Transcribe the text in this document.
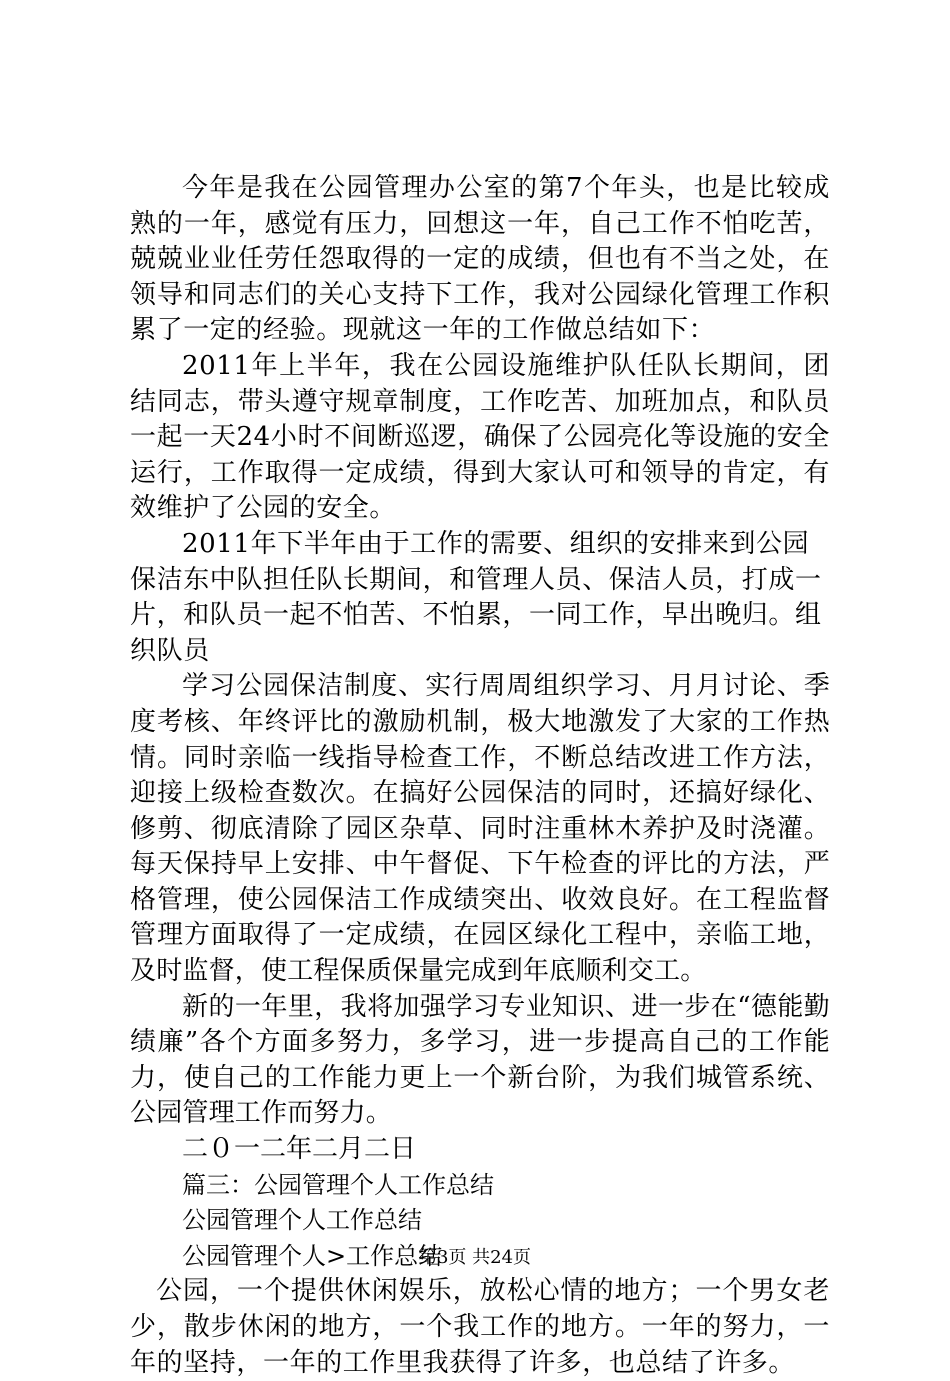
今年是我在公园管理办公室的第7个年头，也是比较成熟的一年，感觉有压力，回想这一年，自己工作不怕吃苦，兢兢业业任劳任怨取得的一定的成绩，但也有不当之处，在领导和同志们的关心支持下工作，我对公园绿化管理工作积累了一定的经验。现就这一年的工作做总结如下：

2011年上半年，我在公园设施维护队任队长期间，团结同志，带头遵守规章制度，工作吃苦、加班加点，和队员一起一天24小时不间断巡逻，确保了公园亮化等设施的安全运行，工作取得一定成绩，得到大家认可和领导的肯定，有效维护了公园的安全。

2011年下半年由于工作的需要、组织的安排来到公园保洁东中队担任队长期间，和管理人员、保洁人员，打成一片，和队员一起不怕苦、不怕累，一同工作，早出晚归。组织队员

学习公园保洁制度、实行周周组织学习、月月讨论、季度考核、年终评比的激励机制，极大地激发了大家的工作热情。同时亲临一线指导检查工作，不断总结改进工作方法，迎接上级检查数次。在搞好公园保洁的同时，还搞好绿化、修剪、彻底清除了园区杂草、同时注重林木养护及时浇灌。每天保持早上安排、中午督促、下午检查的评比的方法，严格管理，使公园保洁工作成绩突出、收效良好。在工程监督管理方面取得了一定成绩，在园区绿化工程中，亲临工地，及时监督，使工程保质保量完成到年底顺利交工。

新的一年里，我将加强学习专业知识、进一步在“德能勤绩廉”各个方面多努力，多学习，进一步提高自己的工作能力，使自己的工作能力更上一个新台阶，为我们城管系统、公园管理工作而努力。

二０一二年二月二日

篇三：公园管理个人工作总结

公园管理个人工作总结

公园管理个人>工作总结

公园，一个提供休闲娱乐，放松心情的地方；一个男女老少，散步休闲的地方，一个我工作的地方。一年的努力，一年的坚持，一年的工作里我获得了许多，也总结了许多。

第3页 共24页
